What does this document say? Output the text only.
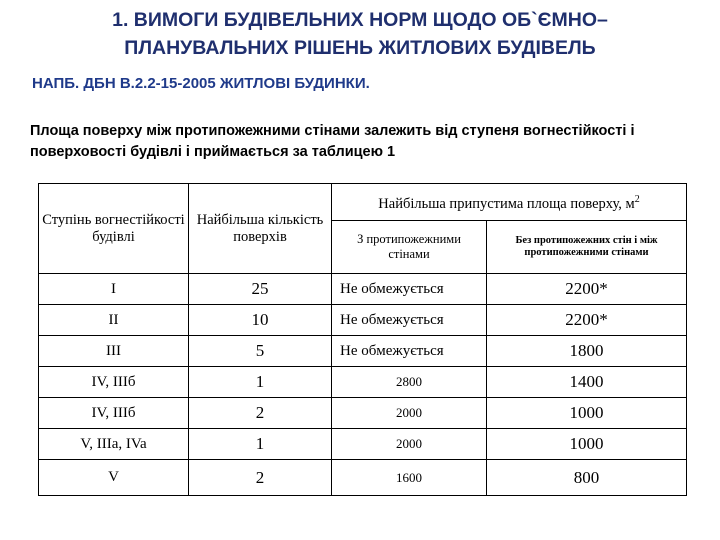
1. ВИМОГИ БУДІВЕЛЬНИХ НОРМ ЩОДО ОБ`ЄМНО–
ПЛАНУВАЛЬНИХ РІШЕНЬ ЖИТЛОВИХ БУДІВЕЛЬ
НАПБ. ДБН В.2.2-15-2005 ЖИТЛОВІ БУДИНКИ.
Площа поверху між протипожежними стінами залежить від ступеня вогнестійкості і поверховості будівлі і приймається за таблицею 1
Ступінь вогнестійкості будівлі	Найбільша кількість поверхів	Найбільша припустима площа поверху, $м^2$
		З протипожежними стінами	Без протипожежних стін і між протипожежними стінами
І	25	Не обмежується	2200*
ІІ	10	Не обмежується	2200*
ІІІ	5	Не обмежується	1800
IV, ІІІб	1	2800	1400
IV, ІІІб	2	2000	1000
V, ІІІа, IVa	1	2000	1000
V	2	1600	800
